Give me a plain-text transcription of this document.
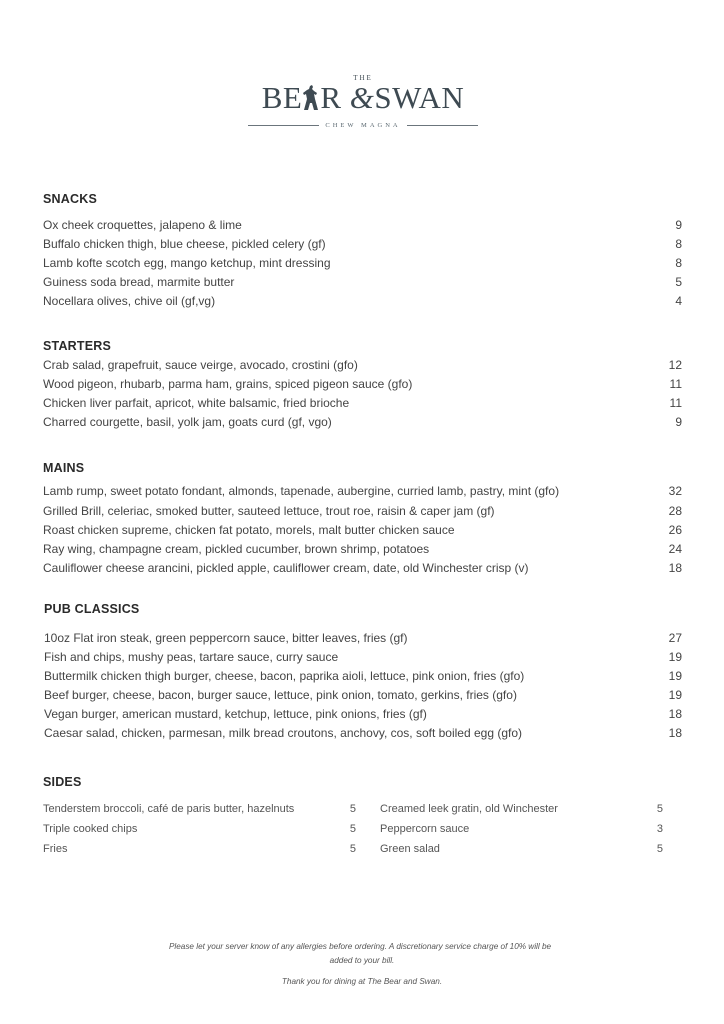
THE
BE R &SWAN
CHEW MAGNA
SNACKS
Ox cheek croquettes, jalapeno & lime	9
Buffalo chicken thigh, blue cheese, pickled celery (gf)	8
Lamb kofte scotch egg, mango ketchup, mint dressing	8
Guiness soda bread, marmite butter	5
Nocellara olives, chive oil (gf,vg)	4
STARTERS
Crab salad, grapefruit, sauce veirge, avocado, crostini (gfo)	12
Wood pigeon, rhubarb, parma ham, grains, spiced pigeon sauce (gfo)	11
Chicken liver parfait, apricot, white balsamic, fried brioche	11
Charred courgette, basil, yolk jam, goats curd (gf, vgo)	9
MAINS
Lamb rump, sweet potato fondant, almonds, tapenade, aubergine, curried lamb, pastry, mint (gfo)	32
Grilled Brill, celeriac, smoked butter, sauteed lettuce, trout roe, raisin & caper jam (gf)	28
Roast chicken supreme, chicken fat potato, morels, malt butter chicken sauce	26
Ray wing, champagne cream, pickled cucumber, brown shrimp, potatoes	24
Cauliflower cheese arancini, pickled apple, cauliflower cream, date, old Winchester crisp (v)	18
PUB CLASSICS
10oz Flat iron steak, green peppercorn sauce, bitter leaves, fries (gf)	27
Fish and chips, mushy peas, tartare sauce, curry sauce	19
Buttermilk chicken thigh burger, cheese, bacon, paprika aioli, lettuce, pink onion, fries (gfo)	19
Beef burger, cheese, bacon, burger sauce, lettuce, pink onion, tomato, gerkins, fries (gfo)	19
Vegan burger, american mustard, ketchup, lettuce, pink onions, fries (gf)	18
Caesar salad, chicken, parmesan, milk bread croutons, anchovy, cos, soft boiled egg (gfo)	18
SIDES
Tenderstem broccoli, café de paris butter, hazelnuts	5
Triple cooked chips	5
Fries	5
Creamed leek gratin, old Winchester	5
Peppercorn sauce	3
Green salad	5
Please let your server know of any allergies before ordering. A discretionary service charge of 10% will be
added to your bill.
Thank you for dining at The Bear and Swan.
